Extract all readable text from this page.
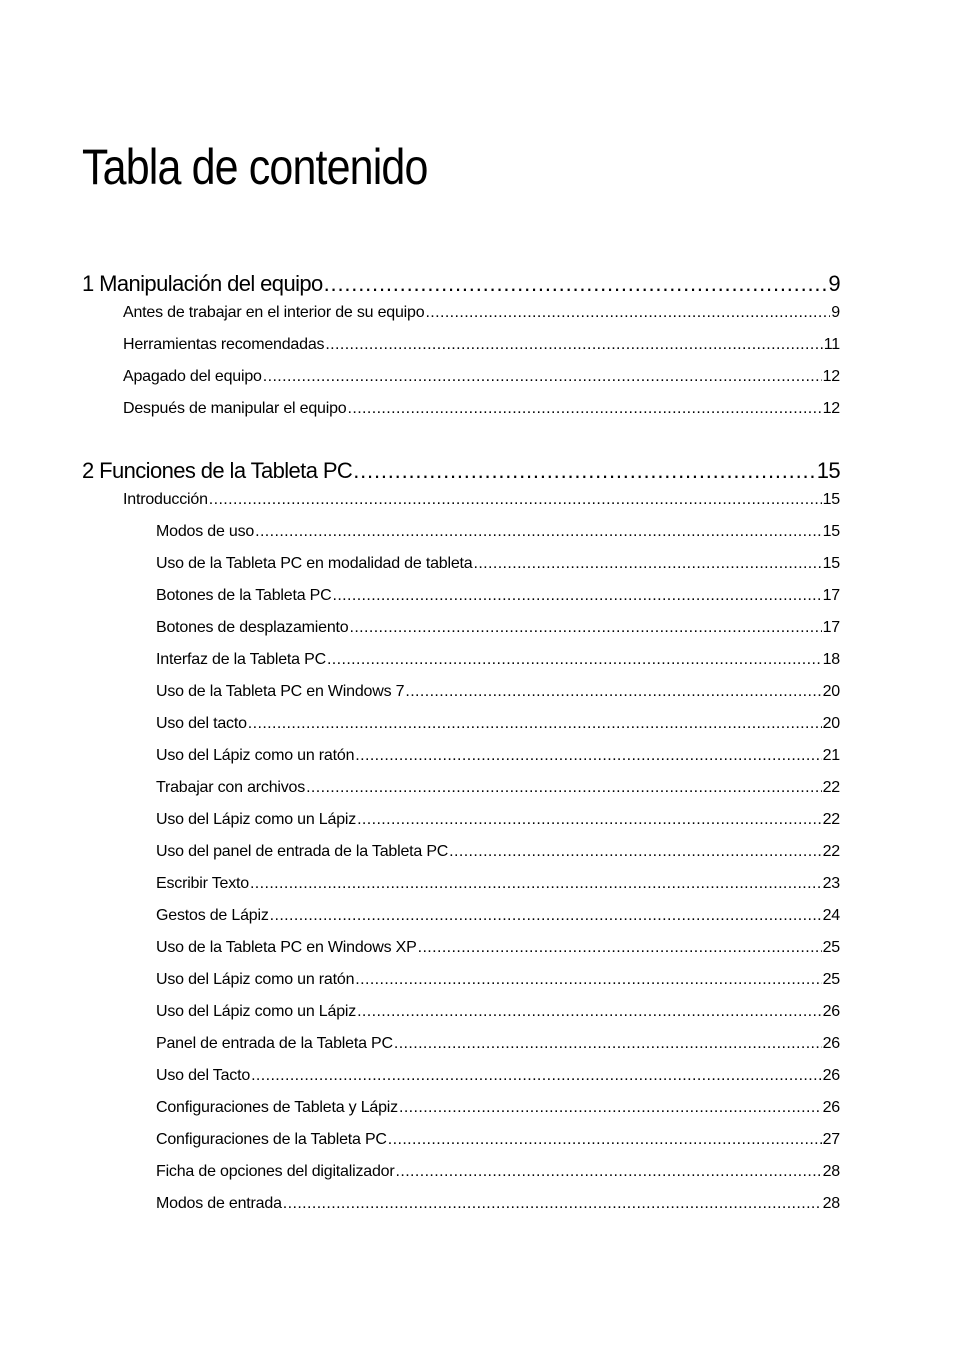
Tabla de contenido
1 Manipulación del equipo .....	9
Antes de trabajar en el interior de su equipo .....	9
Herramientas recomendadas .....	11
Apagado del equipo .....	12
Después de manipular el equipo .....	12
2 Funciones de la Tableta PC .....	15
Introducción .....	15
Modos de uso .....	15
Uso de la Tableta PC en modalidad de tableta .....	15
Botones de la Tableta PC .....	17
Botones de desplazamiento .....	17
Interfaz de la Tableta PC .....	18
Uso de la Tableta PC en Windows 7 .....	20
Uso del tacto .....	20
Uso del Lápiz como un ratón .....	21
Trabajar con archivos .....	22
Uso del Lápiz como un Lápiz .....	22
Uso del panel de entrada de la Tableta PC .....	22
Escribir Texto .....	23
Gestos de Lápiz .....	24
Uso de la Tableta PC en Windows XP .....	25
Uso del Lápiz como un ratón .....	25
Uso del Lápiz como un Lápiz .....	26
Panel de entrada de la Tableta PC .....	26
Uso del Tacto .....	26
Configuraciones de Tableta y Lápiz .....	26
Configuraciones de la Tableta PC .....	27
Ficha de opciones del digitalizador .....	28
Modos de entrada .....	28
